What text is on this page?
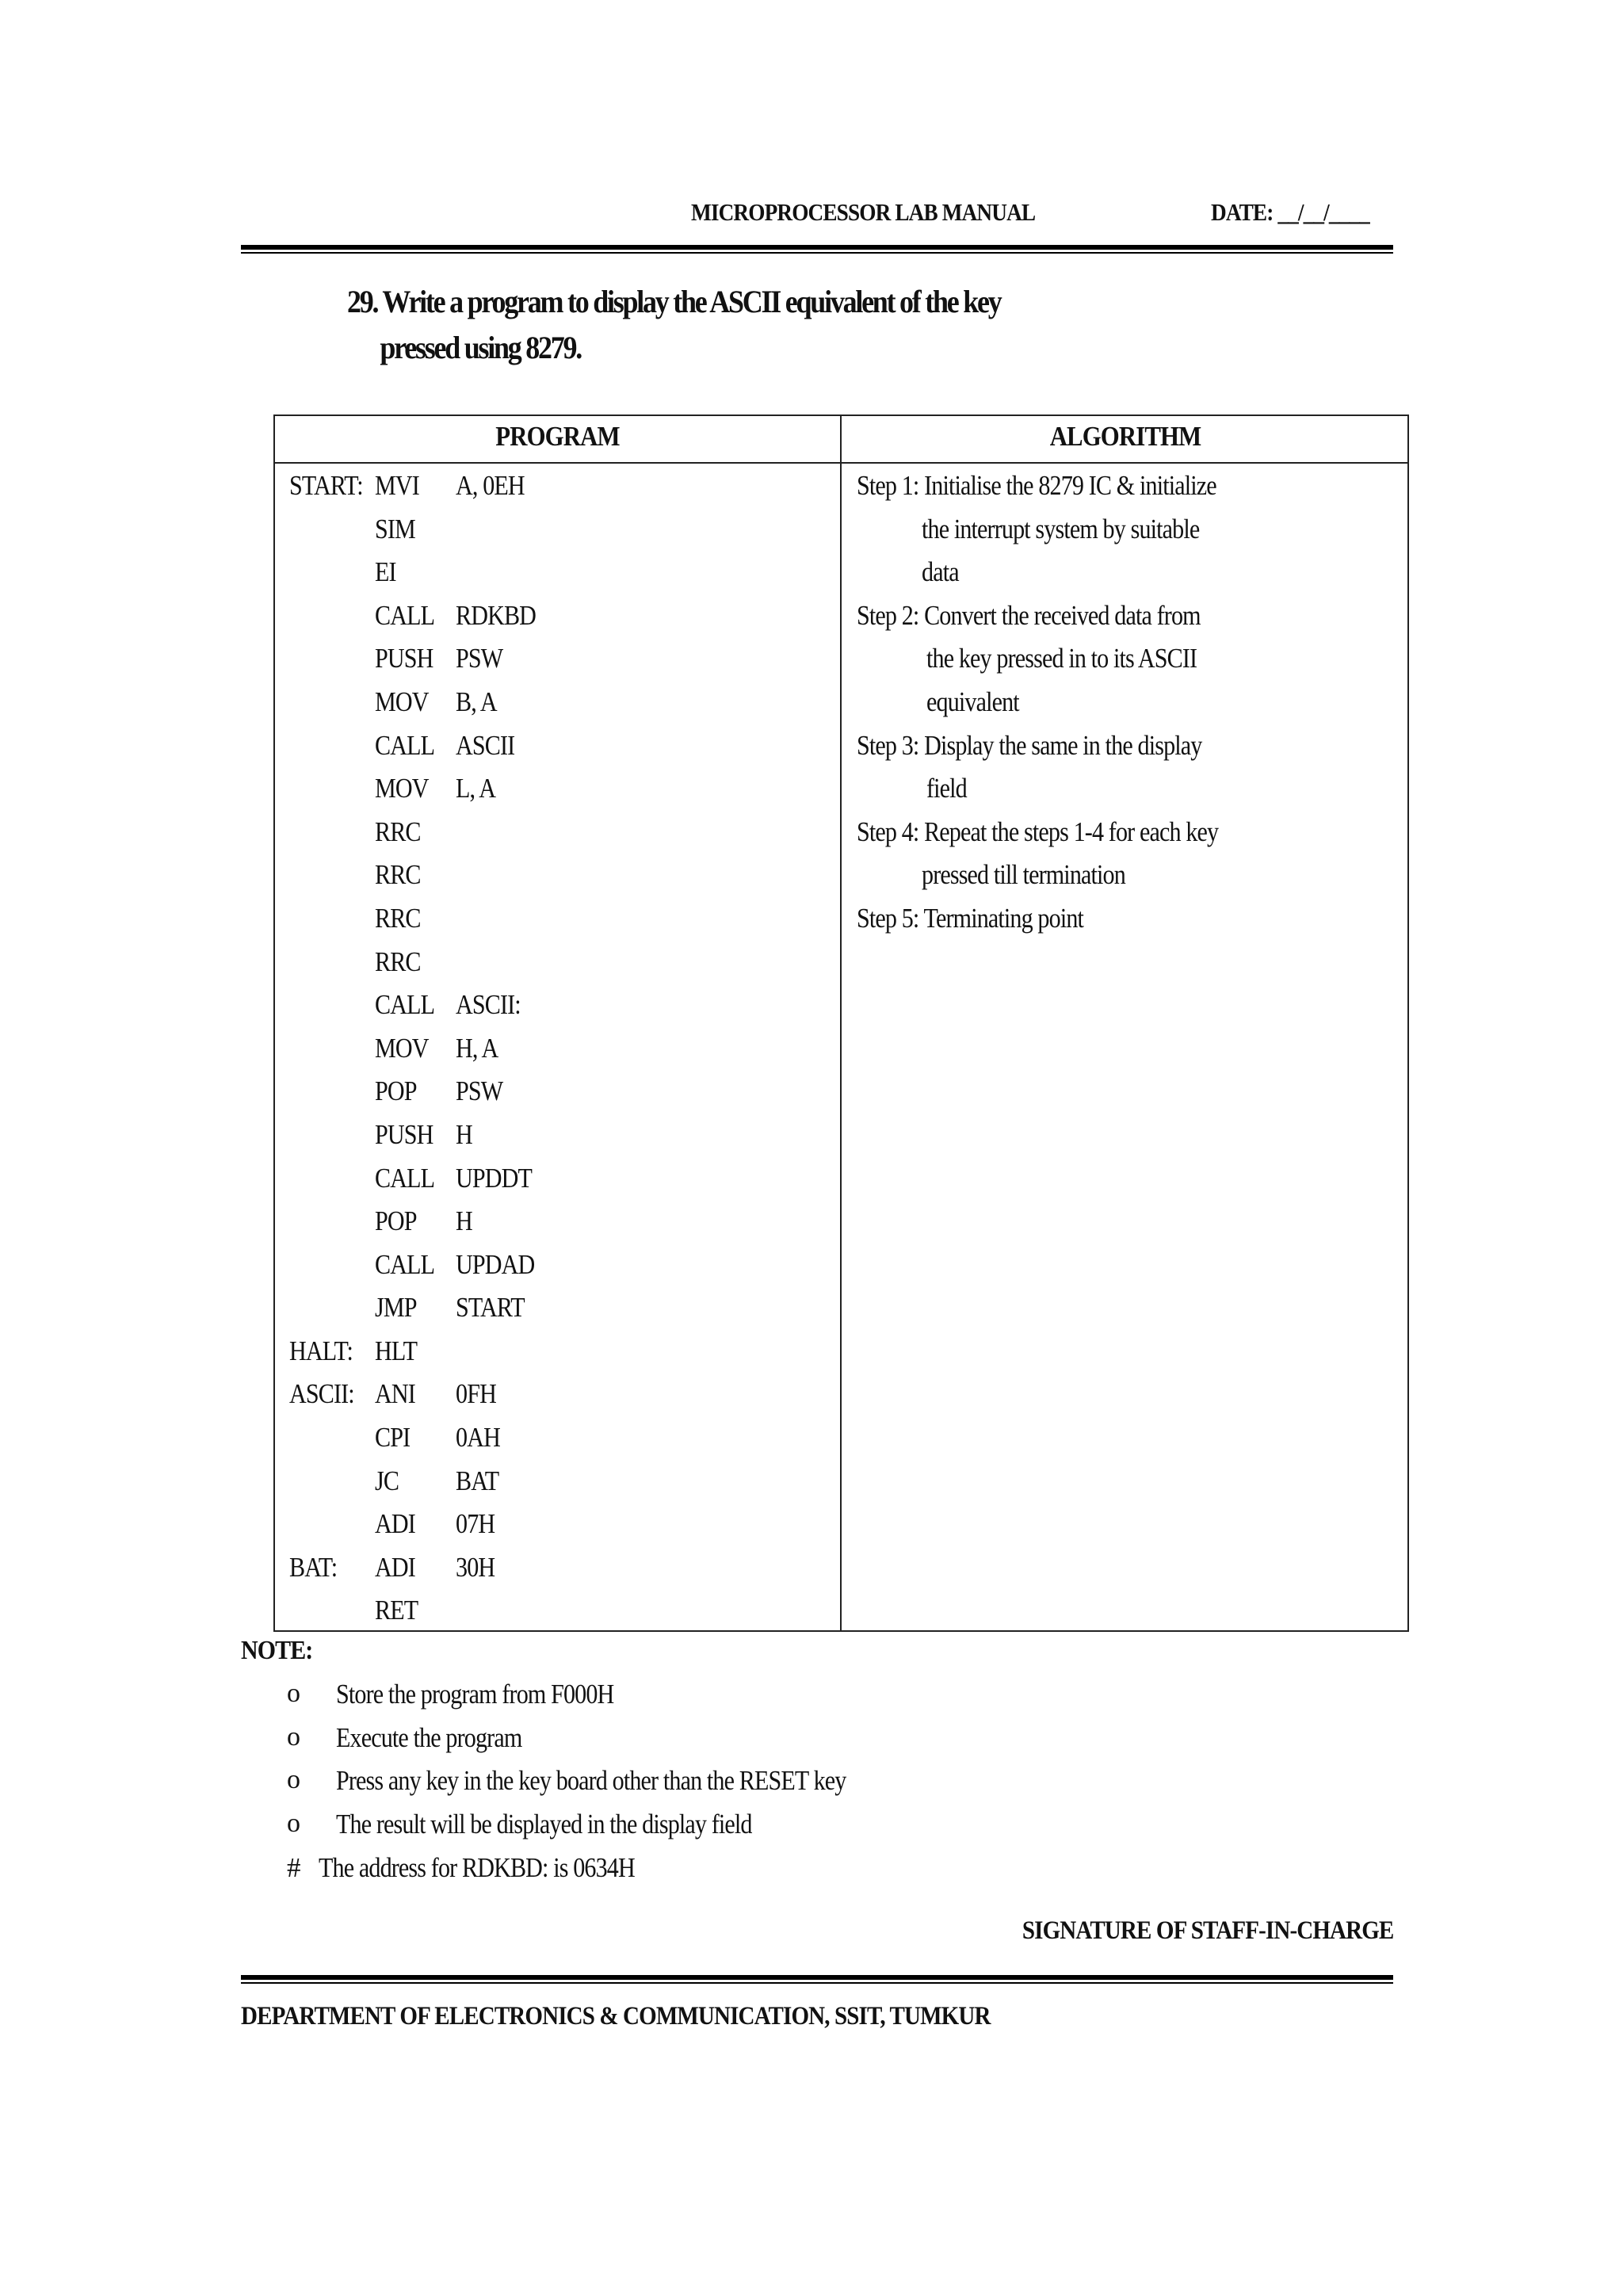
MICROPROCESSOR LAB MANUAL	DATE: __/__/____
29. Write a program to display the ASCII equivalent of the key
pressed using 8279.
PROGRAM	ALGORITHM
START: MVI A, 0EH
SIM
EI
CALL RDKBD
PUSH PSW
MOV B, A
CALL ASCII
MOV L, A
RRC
RRC
RRC
RRC
CALL ASCII:
MOV H, A
POP PSW
PUSH H
CALL UPDDT
POP H
CALL UPDAD
JMP START
HALT: HLT
ASCII: ANI 0FH
CPI 0AH
JC BAT
ADI 07H
BAT: ADI 30H
RET
Step 1: Initialise the 8279 IC & initialize
the interrupt system by suitable
data
Step 2: Convert the received data from
the key pressed in to its ASCII
equivalent
Step 3: Display the same in the display
field
Step 4: Repeat the steps 1-4 for each key
pressed till termination
Step 5: Terminating point
NOTE:
o Store the program from F000H
o Execute the program
o Press any key in the key board other than the RESET key
o The result will be displayed in the display field
# The address for RDKBD: is 0634H
SIGNATURE OF STAFF-IN-CHARGE
DEPARTMENT OF ELECTRONICS & COMMUNICATION, SSIT, TUMKUR
